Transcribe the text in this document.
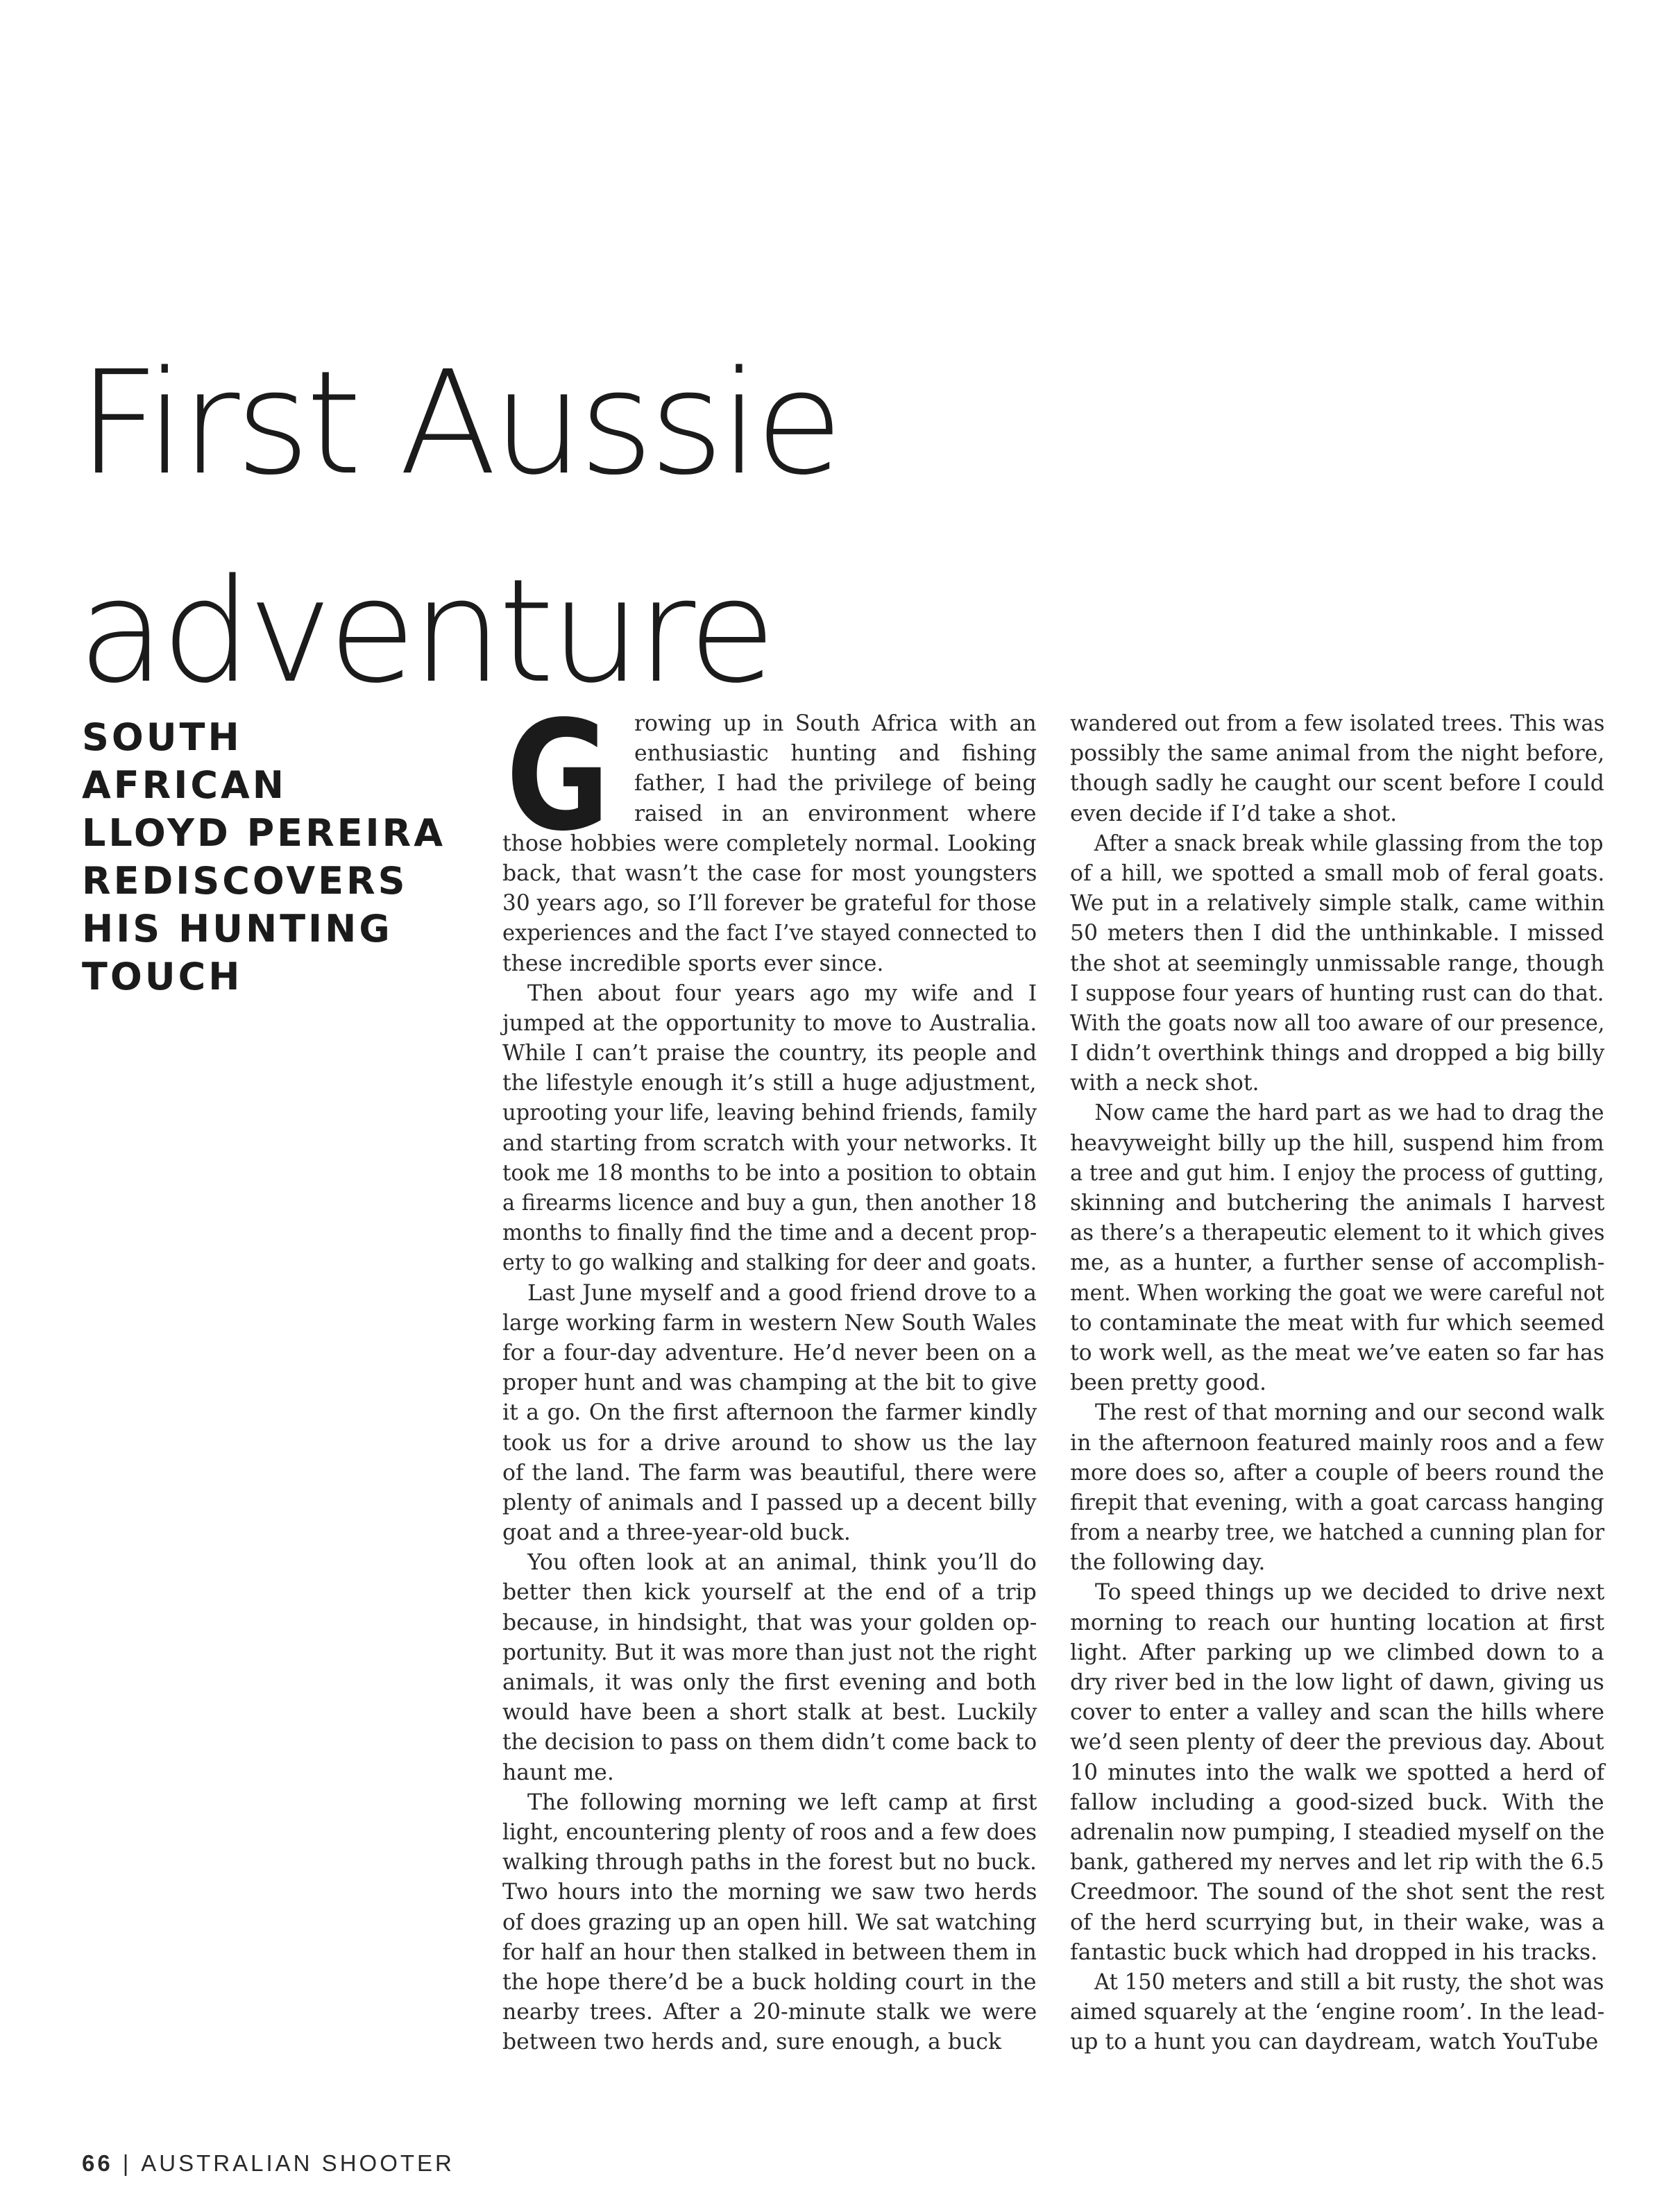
First Aussie
adventure
SOUTH
AFRICAN
LLOYD PEREIRA
REDISCOVERS
HIS HUNTING
TOUCH
G	rowing up in South Africa with an
enthusiastic hunting and fishing
father, I had the privilege of being
raised in an environment where
those hobbies were completely normal. Looking
back, that wasn’t the case for most youngsters
30 years ago, so I’ll forever be grateful for those
experiences and the fact I’ve stayed connected to
these incredible sports ever since.
Then about four years ago my wife and I
jumped at the opportunity to move to Australia.
While I can’t praise the country, its people and
the lifestyle enough it’s still a huge adjustment,
uprooting your life, leaving behind friends, family
and starting from scratch with your networks. It
took me 18 months to be into a position to obtain
a firearms licence and buy a gun, then another 18
months to finally find the time and a decent prop-
erty to go walking and stalking for deer and goats.
Last June myself and a good friend drove to a
large working farm in western New South Wales
for a four-day adventure. He’d never been on a
proper hunt and was champing at the bit to give
it a go. On the first afternoon the farmer kindly
took us for a drive around to show us the lay
of the land. The farm was beautiful, there were
plenty of animals and I passed up a decent billy
goat and a three-year-old buck.
You often look at an animal, think you’ll do
better then kick yourself at the end of a trip
because, in hindsight, that was your golden op-
portunity. But it was more than just not the right
animals, it was only the first evening and both
would have been a short stalk at best. Luckily
the decision to pass on them didn’t come back to
haunt me.
The following morning we left camp at first
light, encountering plenty of roos and a few does
walking through paths in the forest but no buck.
Two hours into the morning we saw two herds
of does grazing up an open hill. We sat watching
for half an hour then stalked in between them in
the hope there’d be a buck holding court in the
nearby trees. After a 20-minute stalk we were
between two herds and, sure enough, a buck
wandered out from a few isolated trees. This was
possibly the same animal from the night before,
though sadly he caught our scent before I could
even decide if I’d take a shot.
After a snack break while glassing from the top
of a hill, we spotted a small mob of feral goats.
We put in a relatively simple stalk, came within
50 meters then I did the unthinkable. I missed
the shot at seemingly unmissable range, though
I suppose four years of hunting rust can do that.
With the goats now all too aware of our presence,
I didn’t overthink things and dropped a big billy
with a neck shot.
Now came the hard part as we had to drag the
heavyweight billy up the hill, suspend him from
a tree and gut him. I enjoy the process of gutting,
skinning and butchering the animals I harvest
as there’s a therapeutic element to it which gives
me, as a hunter, a further sense of accomplish-
ment. When working the goat we were careful not
to contaminate the meat with fur which seemed
to work well, as the meat we’ve eaten so far has
been pretty good.
The rest of that morning and our second walk
in the afternoon featured mainly roos and a few
more does so, after a couple of beers round the
firepit that evening, with a goat carcass hanging
from a nearby tree, we hatched a cunning plan for
the following day.
To speed things up we decided to drive next
morning to reach our hunting location at first
light. After parking up we climbed down to a
dry river bed in the low light of dawn, giving us
cover to enter a valley and scan the hills where
we’d seen plenty of deer the previous day. About
10 minutes into the walk we spotted a herd of
fallow including a good-sized buck. With the
adrenalin now pumping, I steadied myself on the
bank, gathered my nerves and let rip with the 6.5
Creedmoor. The sound of the shot sent the rest
of the herd scurrying but, in their wake, was a
fantastic buck which had dropped in his tracks.
At 150 meters and still a bit rusty, the shot was
aimed squarely at the ‘engine room’. In the lead-
up to a hunt you can daydream, watch YouTube
66 | AUSTRALIAN SHOOTER
